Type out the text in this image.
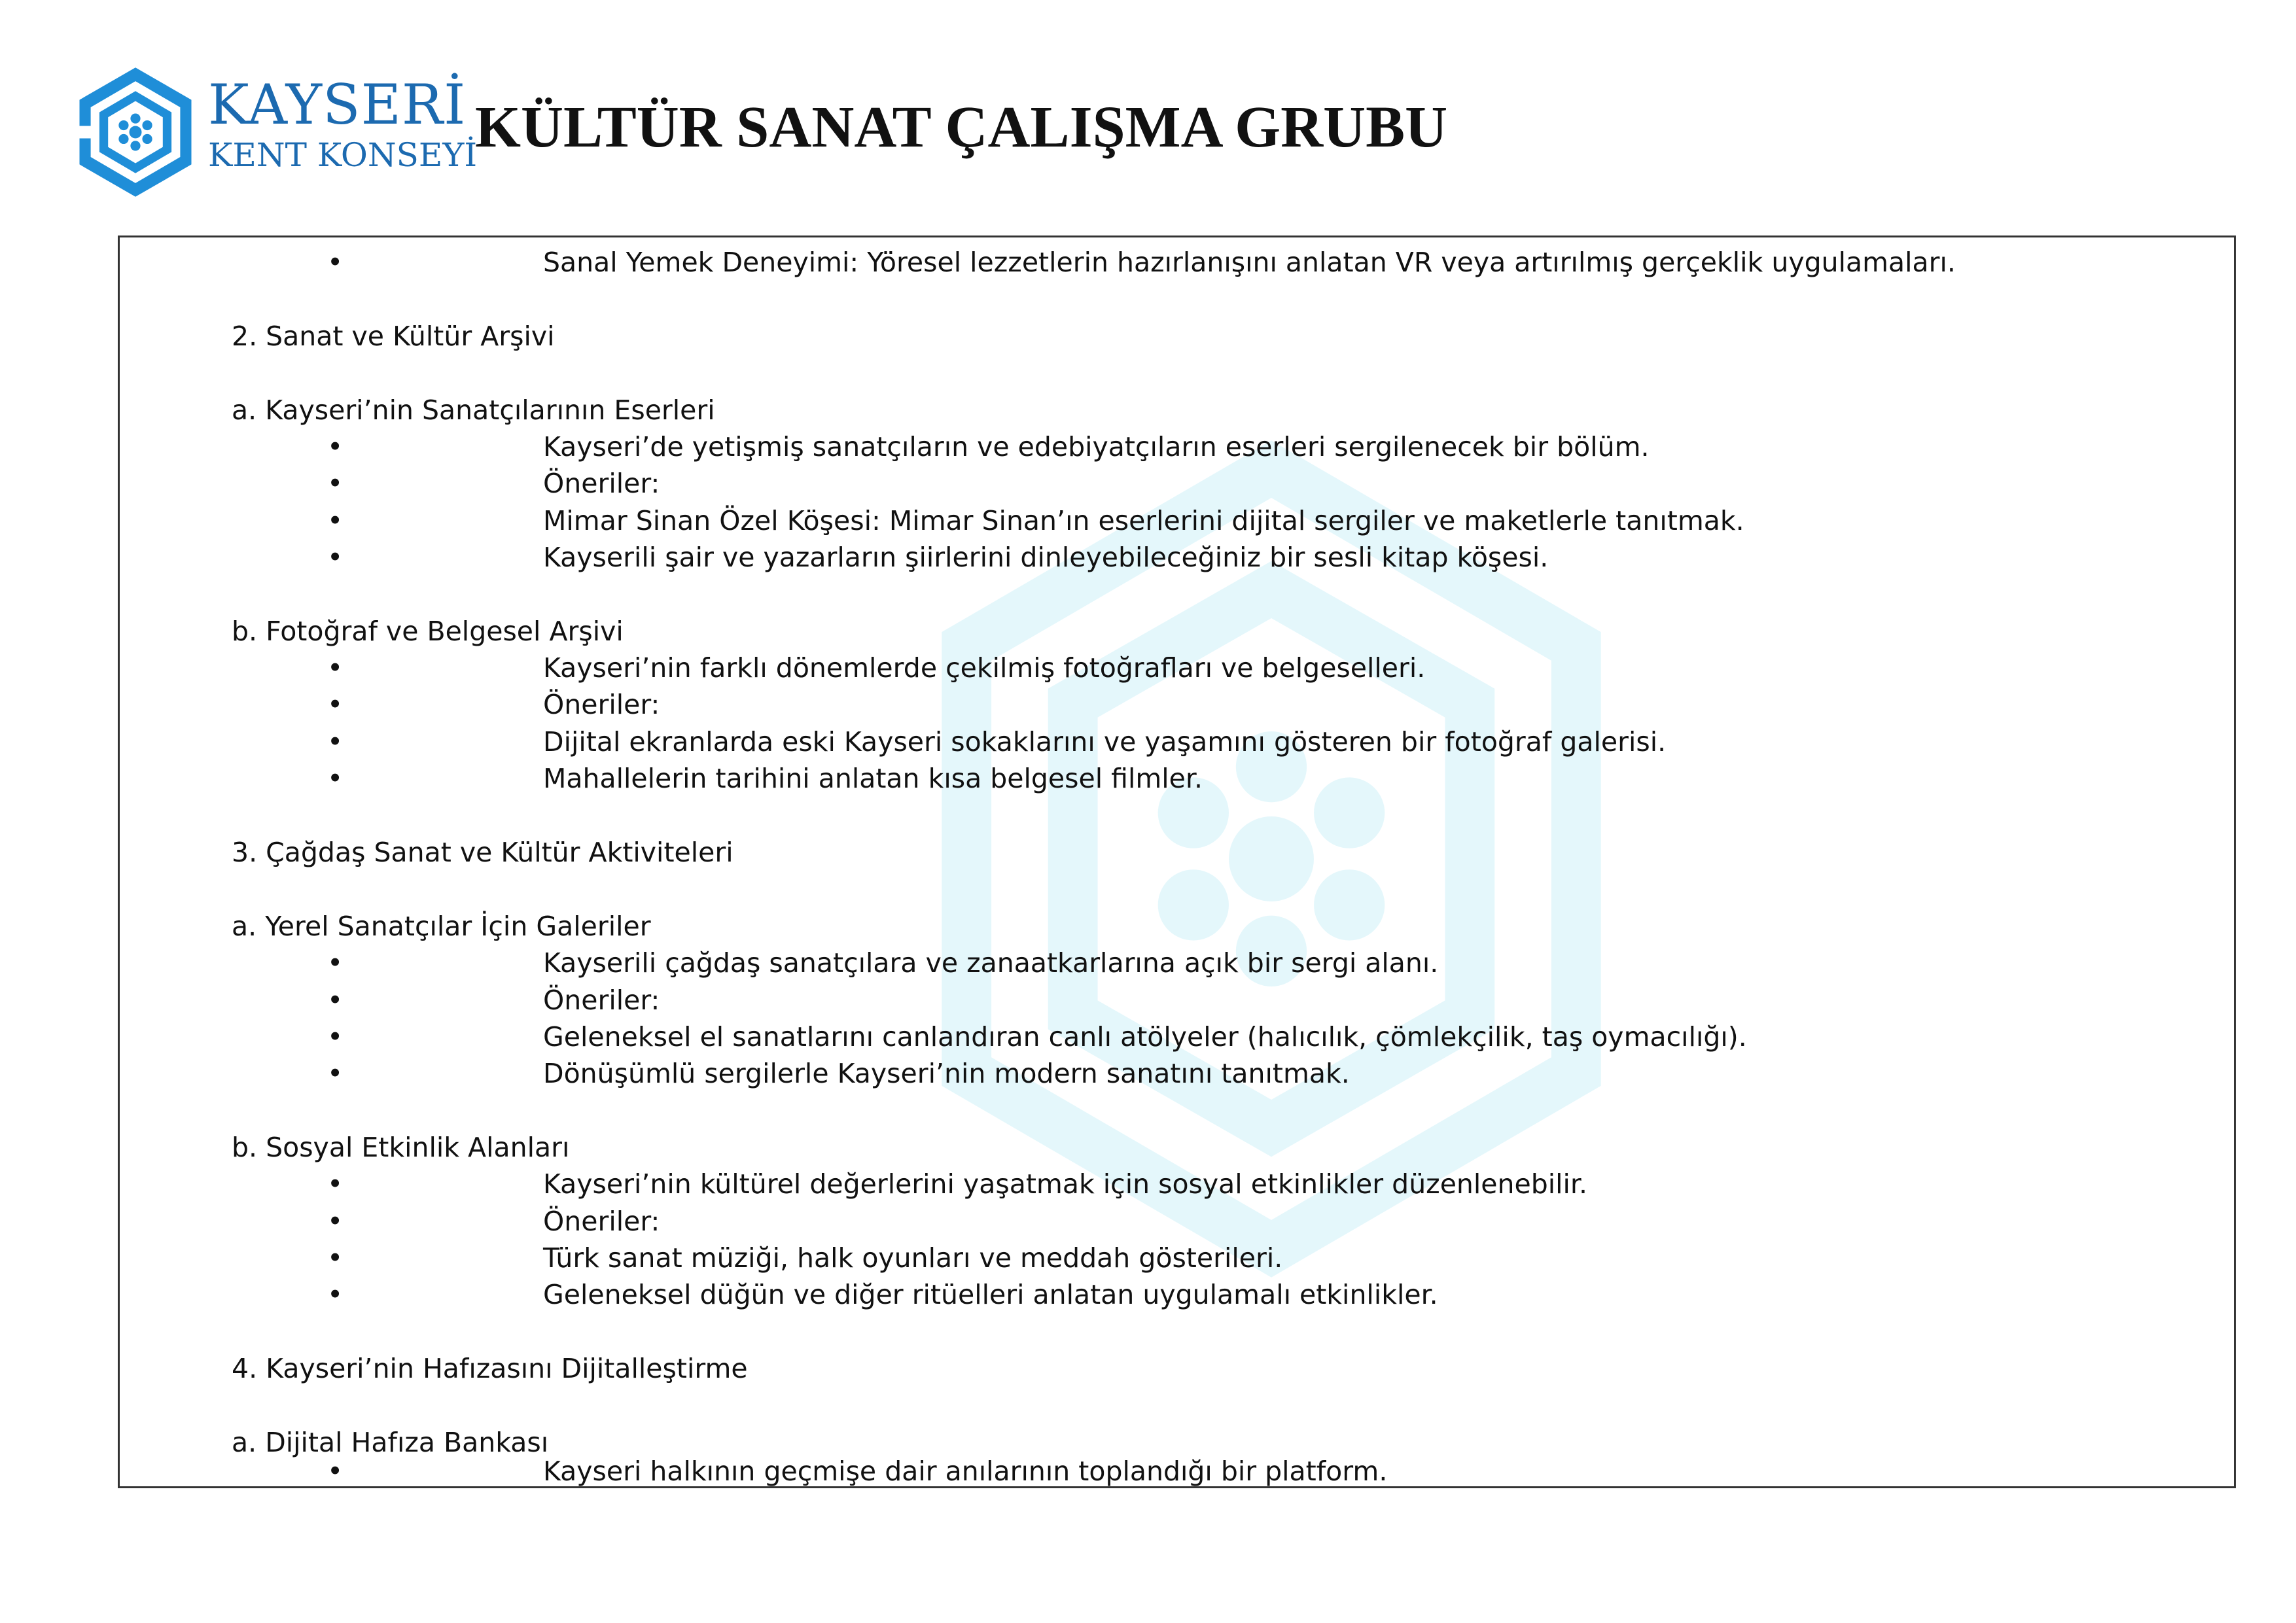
KAYSERİ
KENT KONSEYİ
KÜLTÜR SANAT ÇALIŞMA GRUBU
•	Sanal Yemek Deneyimi: Yöresel lezzetlerin hazırlanışını anlatan VR veya artırılmış gerçeklik uygulamaları.
2. Sanat ve Kültür Arşivi
a. Kayseri’nin Sanatçılarının Eserleri
•	Kayseri’de yetişmiş sanatçıların ve edebiyatçıların eserleri sergilenecek bir bölüm.
•	Öneriler:
•	Mimar Sinan Özel Köşesi: Mimar Sinan’ın eserlerini dijital sergiler ve maketlerle tanıtmak.
•	Kayserili şair ve yazarların şiirlerini dinleyebileceğiniz bir sesli kitap köşesi.
b. Fotoğraf ve Belgesel Arşivi
•	Kayseri’nin farklı dönemlerde çekilmiş fotoğrafları ve belgeselleri.
•	Öneriler:
•	Dijital ekranlarda eski Kayseri sokaklarını ve yaşamını gösteren bir fotoğraf galerisi.
•	Mahallelerin tarihini anlatan kısa belgesel filmler.
3. Çağdaş Sanat ve Kültür Aktiviteleri
a. Yerel Sanatçılar İçin Galeriler
•	Kayserili çağdaş sanatçılara ve zanaatkarlarına açık bir sergi alanı.
•	Öneriler:
•	Geleneksel el sanatlarını canlandıran canlı atölyeler (halıcılık, çömlekçilik, taş oymacılığı).
•	Dönüşümlü sergilerle Kayseri’nin modern sanatını tanıtmak.
b. Sosyal Etkinlik Alanları
•	Kayseri’nin kültürel değerlerini yaşatmak için sosyal etkinlikler düzenlenebilir.
•	Öneriler:
•	Türk sanat müziği, halk oyunları ve meddah gösterileri.
•	Geleneksel düğün ve diğer ritüelleri anlatan uygulamalı etkinlikler.
4. Kayseri’nin Hafızasını Dijitalleştirme
a. Dijital Hafıza Bankası
•	Kayseri halkının geçmişe dair anılarının toplandığı bir platform.
